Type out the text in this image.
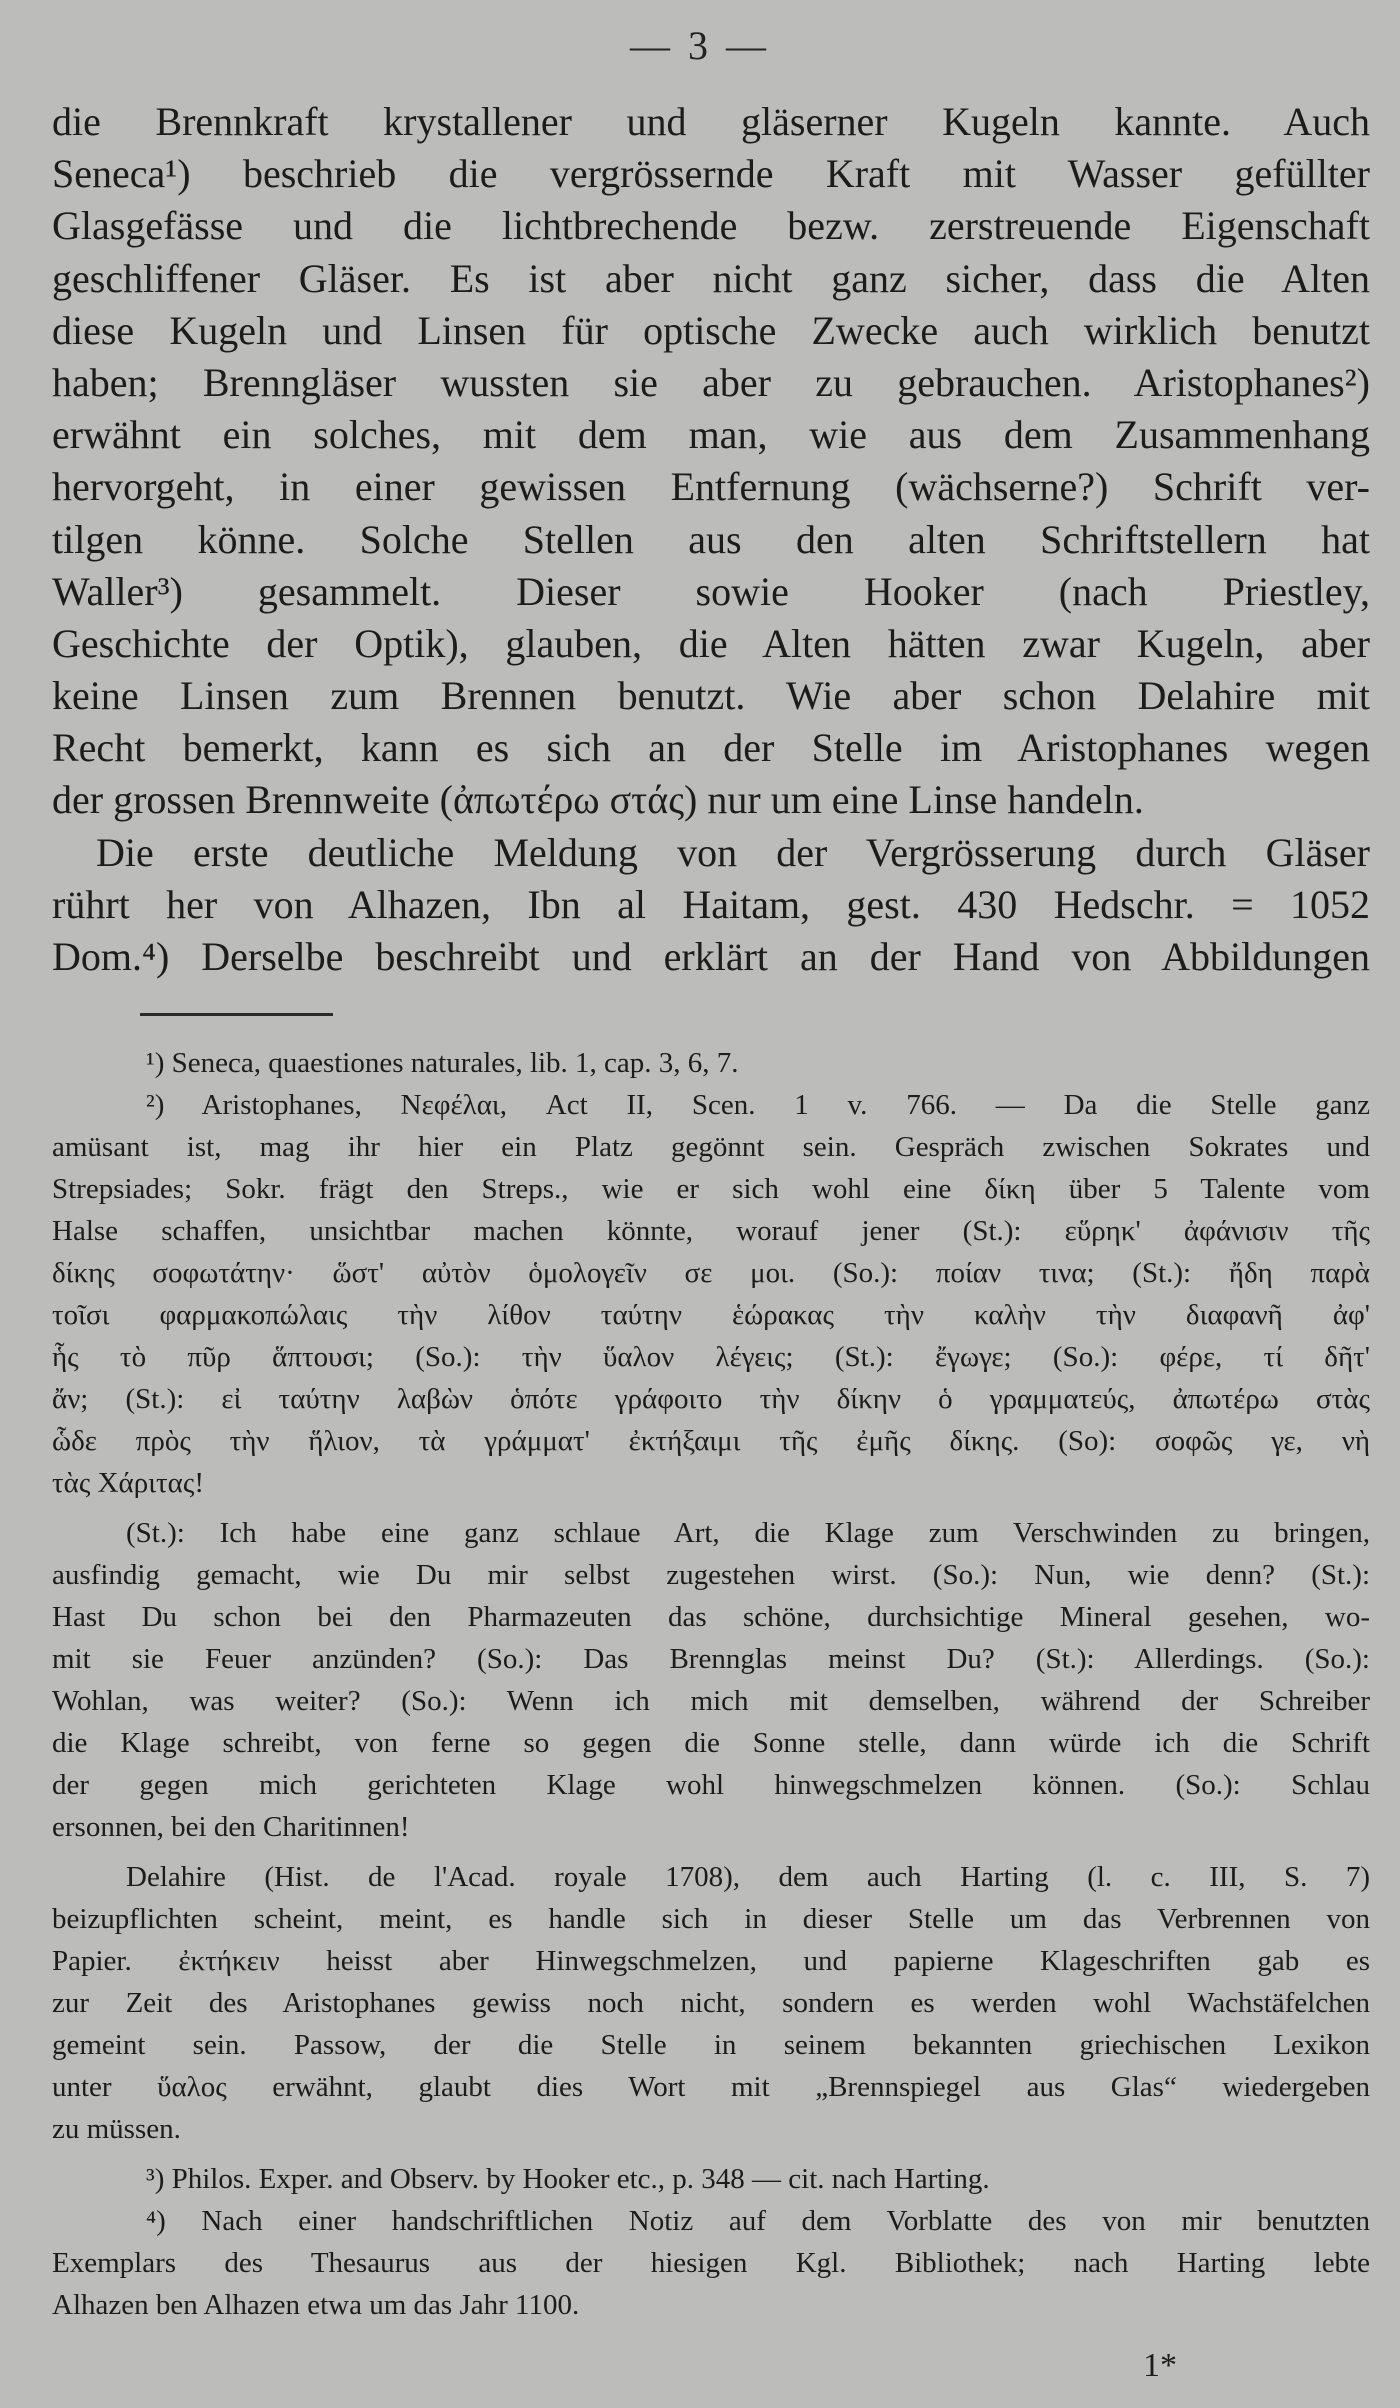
— 3 —
die Brennkraft krystallener und gläserner Kugeln kannte. Auch
Seneca¹) beschrieb die vergrössernde Kraft mit Wasser gefüllter
Glasgefässe und die lichtbrechende bezw. zerstreuende Eigenschaft
geschliffener Gläser. Es ist aber nicht ganz sicher, dass die Alten
diese Kugeln und Linsen für optische Zwecke auch wirklich benutzt
haben; Brenngläser wussten sie aber zu gebrauchen. Aristophanes²)
erwähnt ein solches, mit dem man, wie aus dem Zusammenhang
hervorgeht, in einer gewissen Entfernung (wächserne?) Schrift ver-
tilgen könne. Solche Stellen aus den alten Schriftstellern hat
Waller³) gesammelt. Dieser sowie Hooker (nach Priestley,
Geschichte der Optik), glauben, die Alten hätten zwar Kugeln, aber
keine Linsen zum Brennen benutzt. Wie aber schon Delahire mit
Recht bemerkt, kann es sich an der Stelle im Aristophanes wegen
der grossen Brennweite (ἀπωτέρω στάς) nur um eine Linse handeln.
Die erste deutliche Meldung von der Vergrösserung durch Gläser
rührt her von Alhazen, Ibn al Haitam, gest. 430 Hedschr. = 1052
Dom.⁴) Derselbe beschreibt und erklärt an der Hand von Abbildungen
¹) Seneca, quaestiones naturales, lib. 1, cap. 3, 6, 7.
²) Aristophanes, Νεφέλαι, Act II, Scen. 1 v. 766. — Da die Stelle ganz
amüsant ist, mag ihr hier ein Platz gegönnt sein. Gespräch zwischen Sokrates und
Strepsiades; Sokr. frägt den Streps., wie er sich wohl eine δίκη über 5 Talente vom
Halse schaffen, unsichtbar machen könnte, worauf jener (St.): εὕρηκ' ἀφάνισιν τῆς
δίκης σοφωτάτην· ὥστ' αὐτὸν ὁμολογεῖν σε μοι. (So.): ποίαν τινα; (St.): ἤδη παρὰ
τοῖσι φαρμακοπώλαις τὴν λίθον ταύτην ἑώρακας τὴν καλὴν τὴν διαφανῆ ἀφ'
ἧς τὸ πῦρ ἅπτουσι; (So.): τὴν ὕαλον λέγεις; (St.): ἔγωγε; (So.): φέρε, τί δῆτ'
ἄν; (St.): εἰ ταύτην λαβὼν ὁπότε γράφοιτο τὴν δίκην ὁ γραμματεύς, ἀπωτέρω στὰς
ὧδε πρὸς τὴν ἥλιον, τὰ γράμματ' ἐκτήξαιμι τῆς ἐμῆς δίκης. (So): σοφῶς γε, νὴ
τὰς Χάριτας!
(St.): Ich habe eine ganz schlaue Art, die Klage zum Verschwinden zu bringen,
ausfindig gemacht, wie Du mir selbst zugestehen wirst. (So.): Nun, wie denn? (St.):
Hast Du schon bei den Pharmazeuten das schöne, durchsichtige Mineral gesehen, wo-
mit sie Feuer anzünden? (So.): Das Brennglas meinst Du? (St.): Allerdings. (So.):
Wohlan, was weiter? (So.): Wenn ich mich mit demselben, während der Schreiber
die Klage schreibt, von ferne so gegen die Sonne stelle, dann würde ich die Schrift
der gegen mich gerichteten Klage wohl hinwegschmelzen können. (So.): Schlau
ersonnen, bei den Charitinnen!
Delahire (Hist. de l'Acad. royale 1708), dem auch Harting (l. c. III, S. 7)
beizupflichten scheint, meint, es handle sich in dieser Stelle um das Verbrennen von
Papier. ἐκτήκειν heisst aber Hinwegschmelzen, und papierne Klageschriften gab es
zur Zeit des Aristophanes gewiss noch nicht, sondern es werden wohl Wachstäfelchen
gemeint sein. Passow, der die Stelle in seinem bekannten griechischen Lexikon
unter ὕαλος erwähnt, glaubt dies Wort mit „Brennspiegel aus Glas“ wiedergeben
zu müssen.
³) Philos. Exper. and Observ. by Hooker etc., p. 348 — cit. nach Harting.
⁴) Nach einer handschriftlichen Notiz auf dem Vorblatte des von mir benutzten
Exemplars des Thesaurus aus der hiesigen Kgl. Bibliothek; nach Harting lebte
Alhazen ben Alhazen etwa um das Jahr 1100.
1*
